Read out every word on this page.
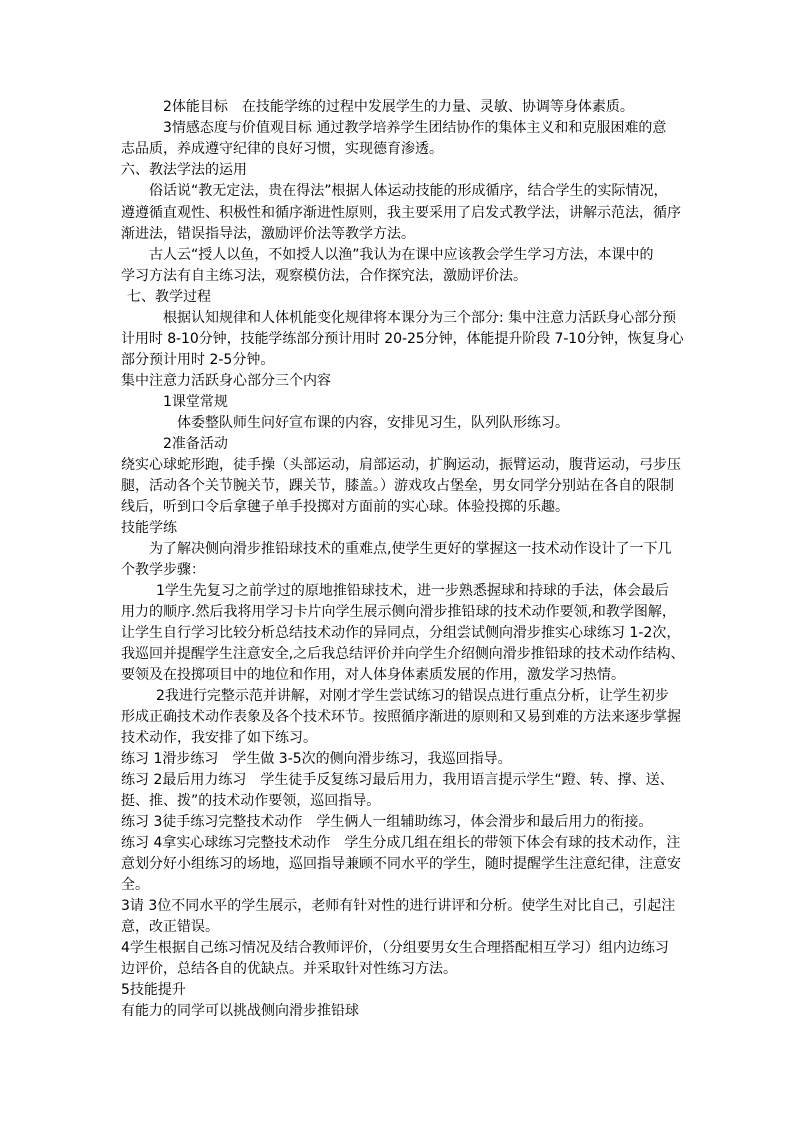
2体能目标　在技能学练的过程中发展学生的力量、灵敏、协调等身体素质。
3情感态度与价值观目标 通过教学培养学生团结协作的集体主义和和克服困难的意
志品质，养成遵守纪律的良好习惯，实现德育渗透。
六、教法学法的运用
俗话说“教无定法，贵在得法”根据人体运动技能的形成循序，结合学生的实际情况，
遵遵循直观性、积极性和循序渐进性原则，我主要采用了启发式教学法，讲解示范法，循序
渐进法，错误指导法，激励评价法等教学方法。
古人云“授人以鱼，不如授人以渔”我认为在课中应该教会学生学习方法，本课中的
学习方法有自主练习法，观察模仿法，合作探究法，激励评价法。
七、教学过程
根据认知规律和人体机能变化规律将本课分为三个部分: 集中注意力活跃身心部分预
计用时 8-10分钟，技能学练部分预计用时 20-25分钟，体能提升阶段 7-10分钟，恢复身心
部分预计用时 2-5分钟。
集中注意力活跃身心部分三个内容
1课堂常规
体委整队师生问好宣布课的内容，安排见习生，队列队形练习。
2准备活动
绕实心球蛇形跑，徒手操（头部运动，肩部运动，扩胸运动，振臂运动，腹背运动，弓步压
腿，活动各个关节腕关节，踝关节，膝盖。）游戏攻占堡垒，男女同学分别站在各自的限制
线后，听到口令后拿毽子单手投掷对方面前的实心球。体验投掷的乐趣。
技能学练
为了解决侧向滑步推铅球技术的重难点,使学生更好的掌握这一技术动作设计了一下几
个教学步骤：
1学生先复习之前学过的原地推铅球技术，进一步熟悉握球和持球的手法，体会最后
用力的顺序.然后我将用学习卡片向学生展示侧向滑步推铅球的技术动作要领,和教学图解，
让学生自行学习比较分析总结技术动作的异同点，分组尝试侧向滑步推实心球练习 1-2次，
我巡回并提醒学生注意安全,之后我总结评价并向学生介绍侧向滑步推铅球的技术动作结构、
要领及在投掷项目中的地位和作用，对人体身体素质发展的作用，激发学习热情。
2我进行完整示范并讲解，对刚才学生尝试练习的错误点进行重点分析，让学生初步
形成正确技术动作表象及各个技术环节。按照循序渐进的原则和又易到难的方法来逐步掌握
技术动作，我安排了如下练习。
练习 1滑步练习　学生做 3-5次的侧向滑步练习，我巡回指导。
练习 2最后用力练习　学生徒手反复练习最后用力，我用语言提示学生“蹬、转、撑、送、
挺、推、拨”的技术动作要领，巡回指导。
练习 3徒手练习完整技术动作　学生俩人一组辅助练习，体会滑步和最后用力的衔接。
练习 4拿实心球练习完整技术动作　学生分成几组在组长的带领下体会有球的技术动作，注
意划分好小组练习的场地，巡回指导兼顾不同水平的学生，随时提醒学生注意纪律，注意安
全。
3请 3位不同水平的学生展示，老师有针对性的进行讲评和分析。使学生对比自己，引起注
意，改正错误。
4学生根据自己练习情况及结合教师评价，（分组要男女生合理搭配相互学习）组内边练习
边评价，总结各自的优缺点。并采取针对性练习方法。
5技能提升
有能力的同学可以挑战侧向滑步推铅球
